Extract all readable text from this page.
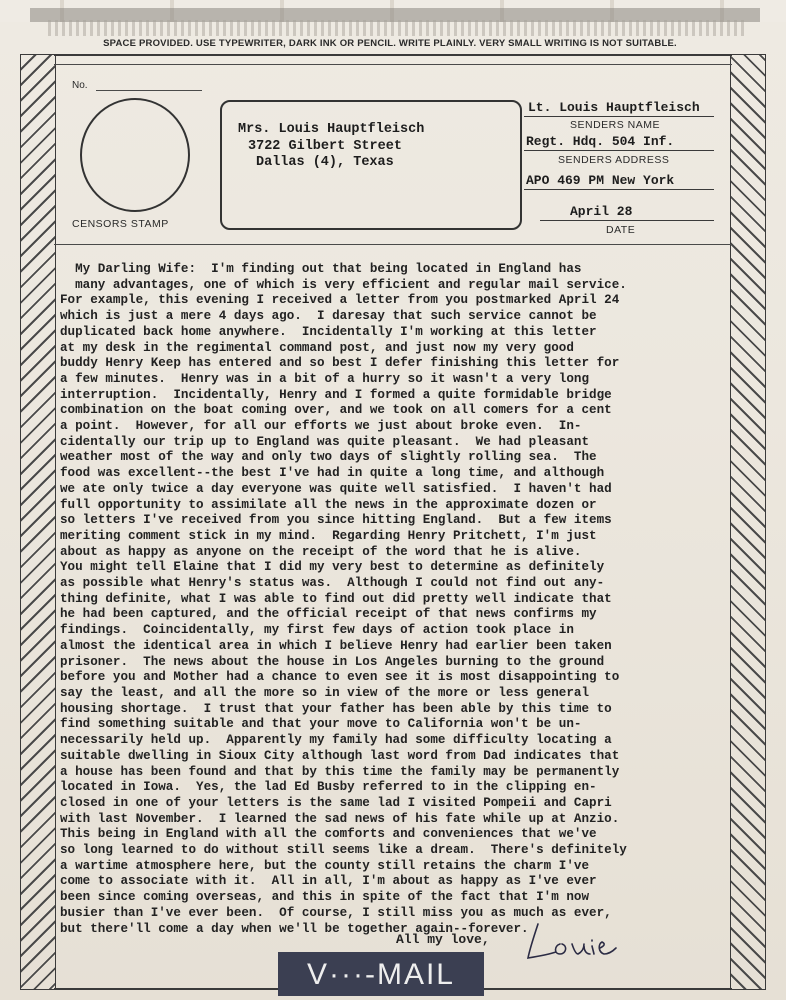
SPACE PROVIDED. USE TYPEWRITER, DARK INK OR PENCIL. WRITE PLAINLY. VERY SMALL WRITING IS NOT SUITABLE.
No.
CENSORS STAMP
Mrs. Louis Hauptfleisch
3722 Gilbert Street
Dallas (4), Texas
Lt. Louis Hauptfleisch
SENDERS NAME
Regt. Hdq. 504 Inf.
SENDERS ADDRESS
APO 469 PM New York
April 28
DATE
My Darling Wife:  I'm finding out that being located in England has
many advantages, one of which is very efficient and regular mail service.
For example, this evening I received a letter from you postmarked April 24
which is just a mere 4 days ago.  I daresay that such service cannot be
duplicated back home anywhere.  Incidentally I'm working at this letter
at my desk in the regimental command post, and just now my very good
buddy Henry Keep has entered and so best I defer finishing this letter for
a few minutes.  Henry was in a bit of a hurry so it wasn't a very long
interruption.  Incidentally, Henry and I formed a quite formidable bridge
combination on the boat coming over, and we took on all comers for a cent
a point.  However, for all our efforts we just about broke even.  In-
cidentally our trip up to England was quite pleasant.  We had pleasant
weather most of the way and only two days of slightly rolling sea.  The
food was excellent--the best I've had in quite a long time, and although
we ate only twice a day everyone was quite well satisfied.  I haven't had
full opportunity to assimilate all the news in the approximate dozen or
so letters I've received from you since hitting England.  But a few items
meriting comment stick in my mind.  Regarding Henry Pritchett, I'm just
about as happy as anyone on the receipt of the word that he is alive.
You might tell Elaine that I did my very best to determine as definitely
as possible what Henry's status was.  Although I could not find out any-
thing definite, what I was able to find out did pretty well indicate that
he had been captured, and the official receipt of that news confirms my
findings.  Coincidentally, my first few days of action took place in
almost the identical area in which I believe Henry had earlier been taken
prisoner.  The news about the house in Los Angeles burning to the ground
before you and Mother had a chance to even see it is most disappointing to
say the least, and all the more so in view of the more or less general
housing shortage.  I trust that your father has been able by this time to
find something suitable and that your move to California won't be un-
necessarily held up.  Apparently my family had some difficulty locating a
suitable dwelling in Sioux City although last word from Dad indicates that
a house has been found and that by this time the family may be permanently
located in Iowa.  Yes, the lad Ed Busby referred to in the clipping en-
closed in one of your letters is the same lad I visited Pompeii and Capri
with last November.  I learned the sad news of his fate while up at Anzio.
This being in England with all the comforts and conveniences that we've
so long learned to do without still seems like a dream.  There's definitely
a wartime atmosphere here, but the county still retains the charm I've
come to associate with it.  All in all, I'm about as happy as I've ever
been since coming overseas, and this in spite of the fact that I'm now
busier than I've ever been.  Of course, I still miss you as much as ever,
but there'll come a day when we'll be together again--forever.
All my love,
V···-MAIL
